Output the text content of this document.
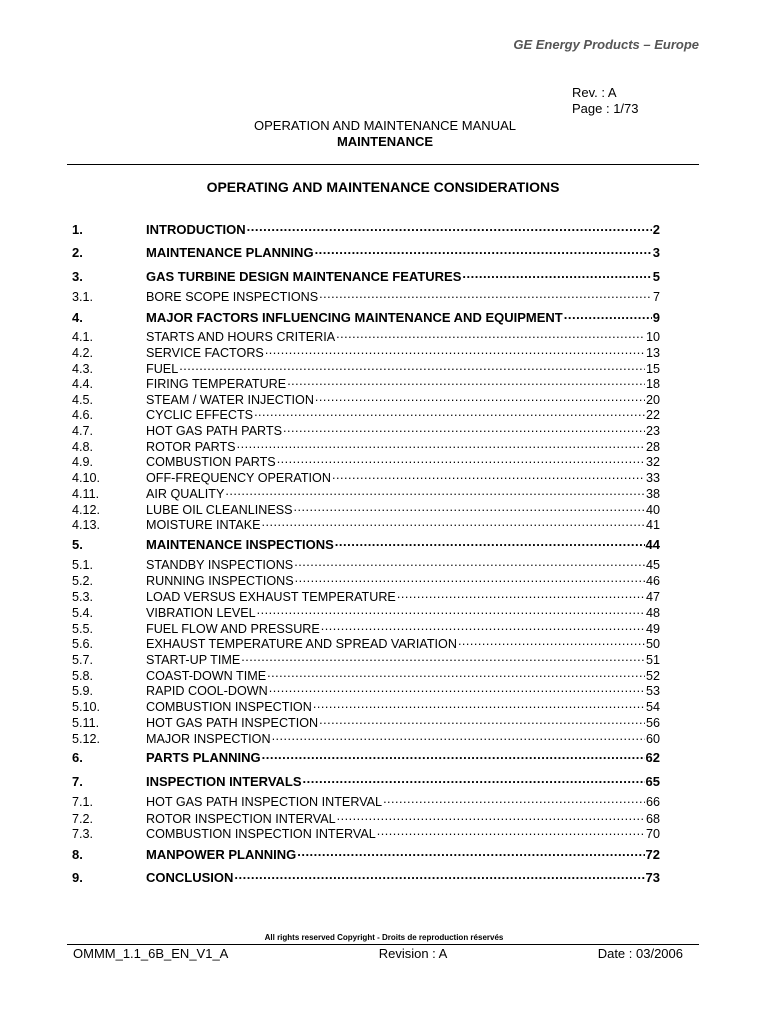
GE Energy Products – Europe
Rev. : A
Page : 1/73
OPERATION AND MAINTENANCE MANUAL
MAINTENANCE
OPERATING AND MAINTENANCE CONSIDERATIONS
1.	INTRODUCTION .....	2
2.	MAINTENANCE PLANNING .....	3
3.	GAS TURBINE DESIGN MAINTENANCE FEATURES .....	5
3.1.	BORE SCOPE INSPECTIONS .....	7
4.	MAJOR FACTORS INFLUENCING MAINTENANCE AND EQUIPMENT .....	9
4.1.	STARTS AND HOURS CRITERIA .....	10
4.2.	SERVICE FACTORS .....	13
4.3.	FUEL .....	15
4.4.	FIRING TEMPERATURE .....	18
4.5.	STEAM / WATER INJECTION .....	20
4.6.	CYCLIC EFFECTS .....	22
4.7.	HOT GAS PATH PARTS .....	23
4.8.	ROTOR PARTS .....	28
4.9.	COMBUSTION PARTS .....	32
4.10.	OFF-FREQUENCY OPERATION .....	33
4.11.	AIR QUALITY .....	38
4.12.	LUBE OIL CLEANLINESS .....	40
4.13.	MOISTURE INTAKE .....	41
5.	MAINTENANCE INSPECTIONS .....	44
5.1.	STANDBY INSPECTIONS .....	45
5.2.	RUNNING INSPECTIONS .....	46
5.3.	LOAD VERSUS EXHAUST TEMPERATURE .....	47
5.4.	VIBRATION LEVEL .....	48
5.5.	FUEL FLOW AND PRESSURE .....	49
5.6.	EXHAUST TEMPERATURE AND SPREAD VARIATION .....	50
5.7.	START-UP TIME .....	51
5.8.	COAST-DOWN TIME .....	52
5.9.	RAPID COOL-DOWN .....	53
5.10.	COMBUSTION INSPECTION .....	54
5.11.	HOT GAS PATH INSPECTION .....	56
5.12.	MAJOR INSPECTION .....	60
6.	PARTS PLANNING .....	62
7.	INSPECTION INTERVALS .....	65
7.1.	HOT GAS PATH INSPECTION INTERVAL .....	66
7.2.	ROTOR INSPECTION INTERVAL .....	68
7.3.	COMBUSTION INSPECTION INTERVAL .....	70
8.	MANPOWER PLANNING .....	72
9.	CONCLUSION .....	73
All rights reserved Copyright - Droits de reproduction réservés
OMMM_1.1_6B_EN_V1_A	Revision : A	Date : 03/2006
